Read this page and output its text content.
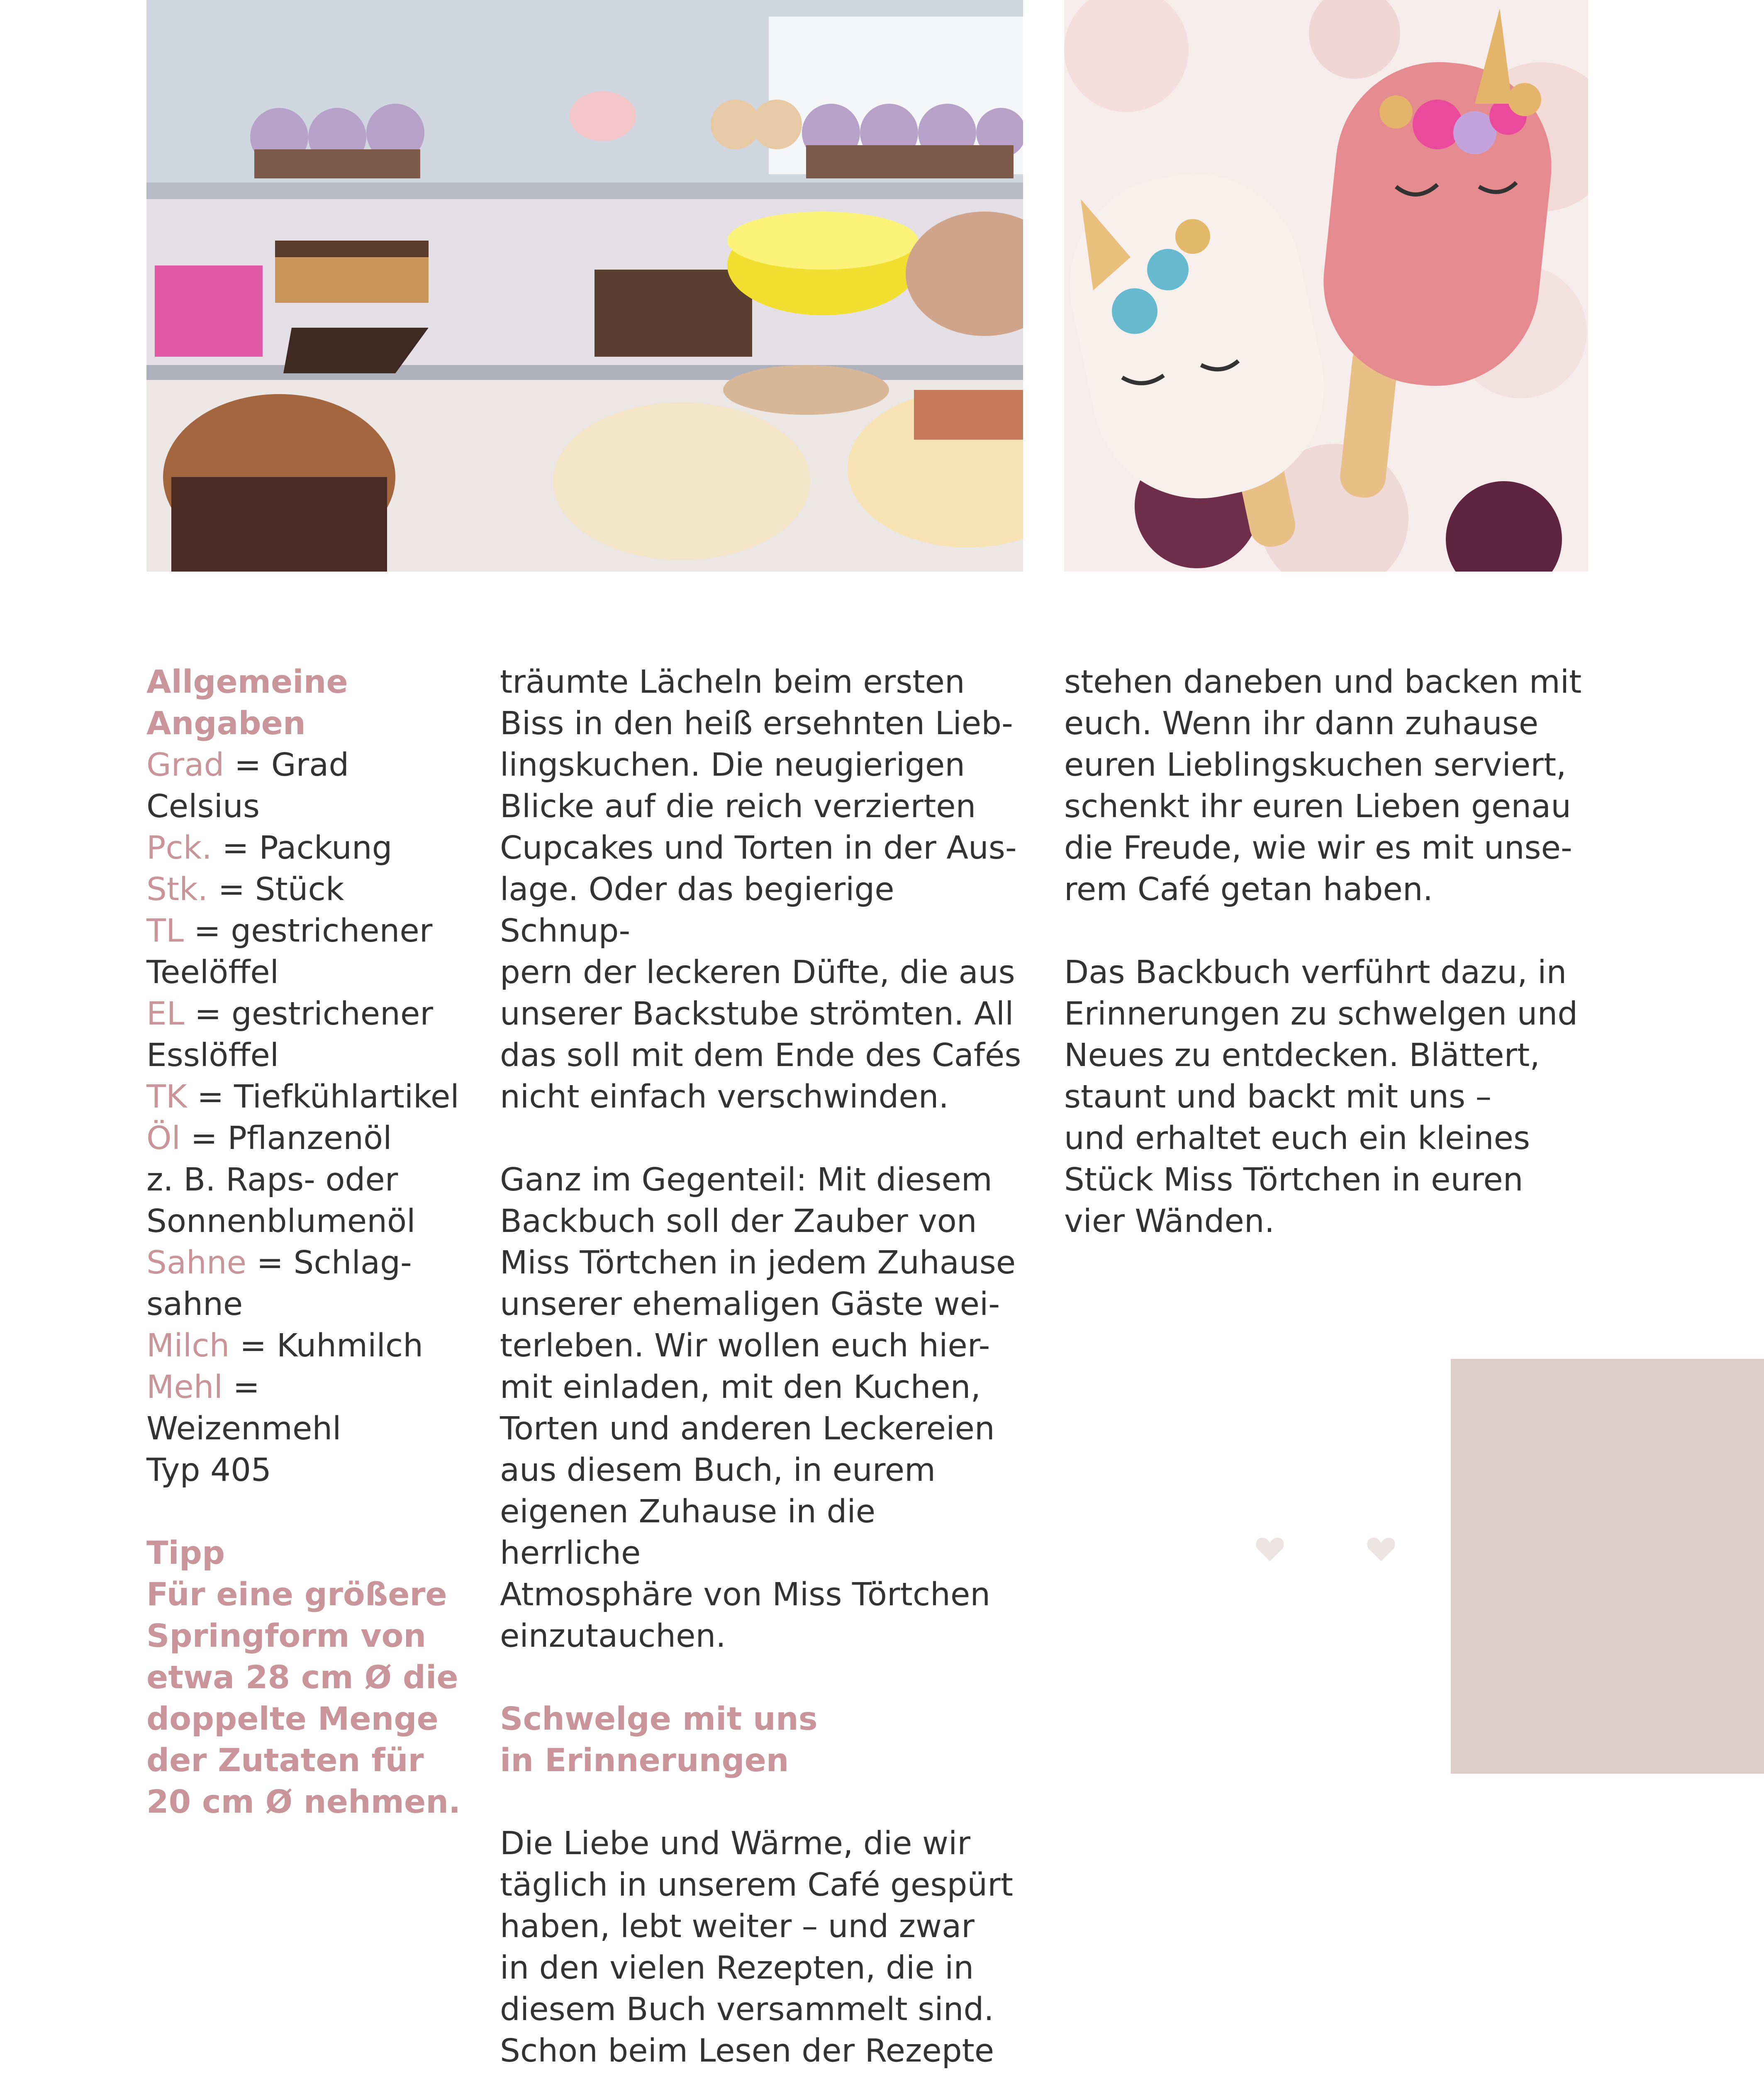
Allgemeine

Angaben

Grad = Grad Celsius

Pck. = Packung

Stk. = Stück

TL = gestrichener

Teelöffel

EL = gestrichener

Esslöffel

TK = Tiefkühlartikel

Öl = Pflanzenöl

z. B. Raps- oder

Sonnenblumenöl

Sahne = Schlag-

sahne

Milch = Kuhmilch

Mehl = Weizenmehl

Typ 405

Tipp

Für eine größere

Springform von

etwa 28 cm Ø die

doppelte Menge

der Zutaten für

20 cm Ø nehmen.

träumte Lächeln beim ersten

Biss in den heiß ersehnten Lieb-

lingskuchen. Die neugierigen

Blicke auf die reich verzierten

Cupcakes und Torten in der Aus-

lage. Oder das begierige Schnup-

pern der leckeren Düfte, die aus

unserer Backstube strömten. All

das soll mit dem Ende des Cafés

nicht einfach verschwinden.

Ganz im Gegenteil: Mit diesem

Backbuch soll der Zauber von

Miss Törtchen in jedem Zuhause

unserer ehemaligen Gäste wei-

terleben. Wir wollen euch hier-

mit einladen, mit den Kuchen,

Torten und anderen Leckereien

aus diesem Buch, in eurem

eigenen Zuhause in die herrliche

Atmosphäre von Miss Törtchen

einzutauchen.

Schwelge mit uns

in Erinnerungen

Die Liebe und Wärme, die wir

täglich in unserem Café gespürt

haben, lebt weiter – und zwar

in den vielen Rezepten, die in

diesem Buch versammelt sind.

Schon beim Lesen der Rezepte

stehen daneben und backen mit

euch. Wenn ihr dann zuhause

euren Lieblingskuchen serviert,

schenkt ihr euren Lieben genau

die Freude, wie wir es mit unse-

rem Café getan haben.

Das Backbuch verführt dazu, in

Erinnerungen zu schwelgen und

Neues zu entdecken. Blättert,

staunt und backt mit uns –

und erhaltet euch ein kleines

Stück Miss Törtchen in euren

vier Wänden.
